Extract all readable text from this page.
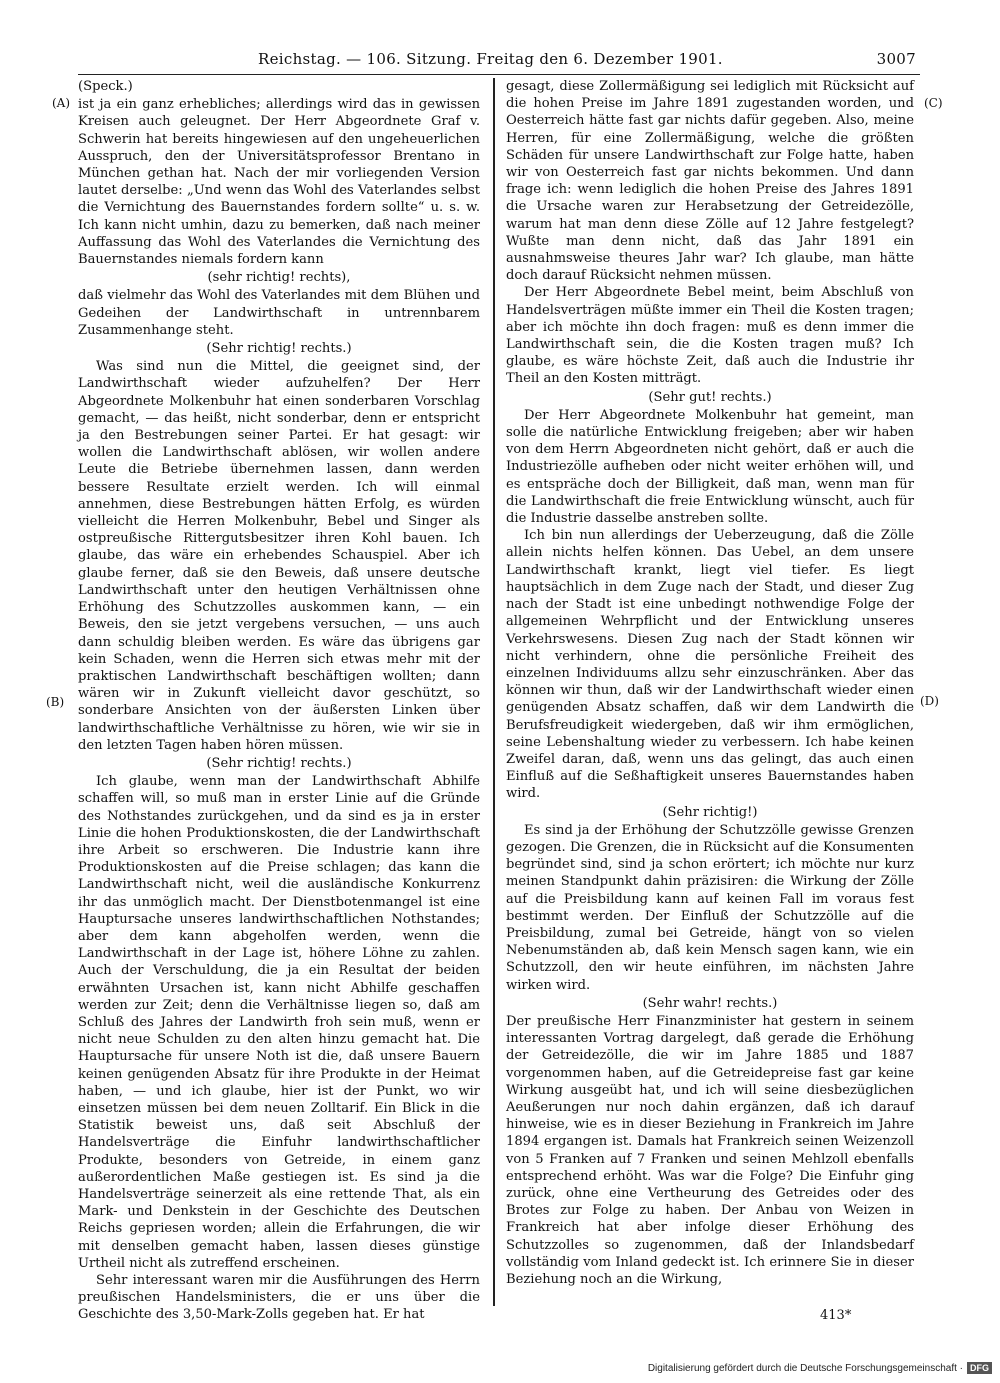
Reichstag. — 106. Sitzung. Freitag den 6. Dezember 1901.	3007
(A)
(B)
(C)
(D)

(Speck.)

ist ja ein ganz erhebliches; allerdings wird das in gewissen Kreisen auch geleugnet. Der Herr Abgeordnete Graf v. Schwerin hat bereits hingewiesen auf den ungeheuerlichen Ausspruch, den der Universitätsprofessor Brentano in München gethan hat. Nach der mir vorliegenden Version lautet derselbe: „Und wenn das Wohl des Vaterlandes selbst die Vernichtung des Bauernstandes fordern sollte“ u. s. w. Ich kann nicht umhin, dazu zu bemerken, daß nach meiner Auffassung das Wohl des Vaterlandes die Vernichtung des Bauernstandes niemals fordern kann

(sehr richtig! rechts),

daß vielmehr das Wohl des Vaterlandes mit dem Blühen und Gedeihen der Landwirthschaft in untrennbarem Zusammenhange steht.

(Sehr richtig! rechts.)

Was sind nun die Mittel, die geeignet sind, der Landwirthschaft wieder aufzuhelfen? Der Herr Abgeordnete Molkenbuhr hat einen sonderbaren Vorschlag gemacht, — das heißt, nicht sonderbar, denn er entspricht ja den Bestrebungen seiner Partei. Er hat gesagt: wir wollen die Landwirthschaft ablösen, wir wollen andere Leute die Betriebe übernehmen lassen, dann werden bessere Resultate erzielt werden. Ich will einmal annehmen, diese Bestrebungen hätten Erfolg, es würden vielleicht die Herren Molkenbuhr, Bebel und Singer als ostpreußische Rittergutsbesitzer ihren Kohl bauen. Ich glaube, das wäre ein erhebendes Schauspiel. Aber ich glaube ferner, daß sie den Beweis, daß unsere deutsche Landwirthschaft unter den heutigen Verhältnissen ohne Erhöhung des Schutzzolles auskommen kann, — ein Beweis, den sie jetzt vergebens versuchen, — uns auch dann schuldig bleiben werden. Es wäre das übrigens gar kein Schaden, wenn die Herren sich etwas mehr mit der praktischen Landwirthschaft beschäftigen wollten; dann wären wir in Zukunft vielleicht davor geschützt, so sonderbare Ansichten von der äußersten Linken über landwirthschaftliche Verhältnisse zu hören, wie wir sie in den letzten Tagen haben hören müssen.

(Sehr richtig! rechts.)

Ich glaube, wenn man der Landwirthschaft Abhilfe schaffen will, so muß man in erster Linie auf die Gründe des Nothstandes zurückgehen, und da sind es ja in erster Linie die hohen Produktionskosten, die der Landwirthschaft ihre Arbeit so erschweren. Die Industrie kann ihre Produktionskosten auf die Preise schlagen; das kann die Landwirthschaft nicht, weil die ausländische Konkurrenz ihr das unmöglich macht. Der Dienstbotenmangel ist eine Hauptursache unseres landwirthschaftlichen Nothstandes; aber dem kann abgeholfen werden, wenn die Landwirthschaft in der Lage ist, höhere Löhne zu zahlen. Auch der Verschuldung, die ja ein Resultat der beiden erwähnten Ursachen ist, kann nicht Abhilfe geschaffen werden zur Zeit; denn die Verhältnisse liegen so, daß am Schluß des Jahres der Landwirth froh sein muß, wenn er nicht neue Schulden zu den alten hinzu gemacht hat. Die Hauptursache für unsere Noth ist die, daß unsere Bauern keinen genügenden Absatz für ihre Produkte in der Heimat haben, — und ich glaube, hier ist der Punkt, wo wir einsetzen müssen bei dem neuen Zolltarif. Ein Blick in die Statistik beweist uns, daß seit Abschluß der Handelsverträge die Einfuhr landwirthschaftlicher Produkte, besonders von Getreide, in einem ganz außerordentlichen Maße gestiegen ist. Es sind ja die Handelsverträge seinerzeit als eine rettende That, als ein Mark- und Denkstein in der Geschichte des Deutschen Reichs gepriesen worden; allein die Erfahrungen, die wir mit denselben gemacht haben, lassen dieses günstige Urtheil nicht als zutreffend erscheinen.

Sehr interessant waren mir die Ausführungen des Herrn preußischen Handelsministers, die er uns über die Geschichte des 3,50-Mark-Zolls gegeben hat. Er hat

gesagt, diese Zollermäßigung sei lediglich mit Rücksicht auf die hohen Preise im Jahre 1891 zugestanden worden, und Oesterreich hätte fast gar nichts dafür gegeben. Also, meine Herren, für eine Zollermäßigung, welche die größten Schäden für unsere Landwirthschaft zur Folge hatte, haben wir von Oesterreich fast gar nichts bekommen. Und dann frage ich: wenn lediglich die hohen Preise des Jahres 1891 die Ursache waren zur Herabsetzung der Getreidezölle, warum hat man denn diese Zölle auf 12 Jahre festgelegt? Wußte man denn nicht, daß das Jahr 1891 ein ausnahmsweise theures Jahr war? Ich glaube, man hätte doch darauf Rücksicht nehmen müssen.

Der Herr Abgeordnete Bebel meint, beim Abschluß von Handelsverträgen müßte immer ein Theil die Kosten tragen; aber ich möchte ihn doch fragen: muß es denn immer die Landwirthschaft sein, die die Kosten tragen muß? Ich glaube, es wäre höchste Zeit, daß auch die Industrie ihr Theil an den Kosten mitträgt.

(Sehr gut! rechts.)

Der Herr Abgeordnete Molkenbuhr hat gemeint, man solle die natürliche Entwicklung freigeben; aber wir haben von dem Herrn Abgeordneten nicht gehört, daß er auch die Industriezölle aufheben oder nicht weiter erhöhen will, und es entspräche doch der Billigkeit, daß man, wenn man für die Landwirthschaft die freie Entwicklung wünscht, auch für die Industrie dasselbe anstreben sollte.

Ich bin nun allerdings der Ueberzeugung, daß die Zölle allein nichts helfen können. Das Uebel, an dem unsere Landwirthschaft krankt, liegt viel tiefer. Es liegt hauptsächlich in dem Zuge nach der Stadt, und dieser Zug nach der Stadt ist eine unbedingt nothwendige Folge der allgemeinen Wehrpflicht und der Entwicklung unseres Verkehrswesens. Diesen Zug nach der Stadt können wir nicht verhindern, ohne die persönliche Freiheit des einzelnen Individuums allzu sehr einzuschränken. Aber das können wir thun, daß wir der Landwirthschaft wieder einen genügenden Absatz schaffen, daß wir dem Landwirth die Berufsfreudigkeit wiedergeben, daß wir ihm ermöglichen, seine Lebenshaltung wieder zu verbessern. Ich habe keinen Zweifel daran, daß, wenn uns das gelingt, das auch einen Einfluß auf die Seßhaftigkeit unseres Bauernstandes haben wird.

(Sehr richtig!)

Es sind ja der Erhöhung der Schutzzölle gewisse Grenzen gezogen. Die Grenzen, die in Rücksicht auf die Konsumenten begründet sind, sind ja schon erörtert; ich möchte nur kurz meinen Standpunkt dahin präzisiren: die Wirkung der Zölle auf die Preisbildung kann auf keinen Fall im voraus fest bestimmt werden. Der Einfluß der Schutzzölle auf die Preisbildung, zumal bei Getreide, hängt von so vielen Nebenumständen ab, daß kein Mensch sagen kann, wie ein Schutzzoll, den wir heute einführen, im nächsten Jahre wirken wird.

(Sehr wahr! rechts.)

Der preußische Herr Finanzminister hat gestern in seinem interessanten Vortrag dargelegt, daß gerade die Erhöhung der Getreidezölle, die wir im Jahre 1885 und 1887 vorgenommen haben, auf die Getreidepreise fast gar keine Wirkung ausgeübt hat, und ich will seine diesbezüglichen Aeußerungen nur noch dahin ergänzen, daß ich darauf hinweise, wie es in dieser Beziehung in Frankreich im Jahre 1894 ergangen ist. Damals hat Frankreich seinen Weizenzoll von 5 Franken auf 7 Franken und seinen Mehlzoll ebenfalls entsprechend erhöht. Was war die Folge? Die Einfuhr ging zurück, ohne eine Vertheurung des Getreides oder des Brotes zur Folge zu haben. Der Anbau von Weizen in Frankreich hat aber infolge dieser Erhöhung des Schutzzolles so zugenommen, daß der Inlandsbedarf vollständig vom Inland gedeckt ist. Ich erinnere Sie in dieser Beziehung noch an die Wirkung,

413*
Digitalisierung gefördert durch die Deutsche Forschungsgemeinschaft · DFG
